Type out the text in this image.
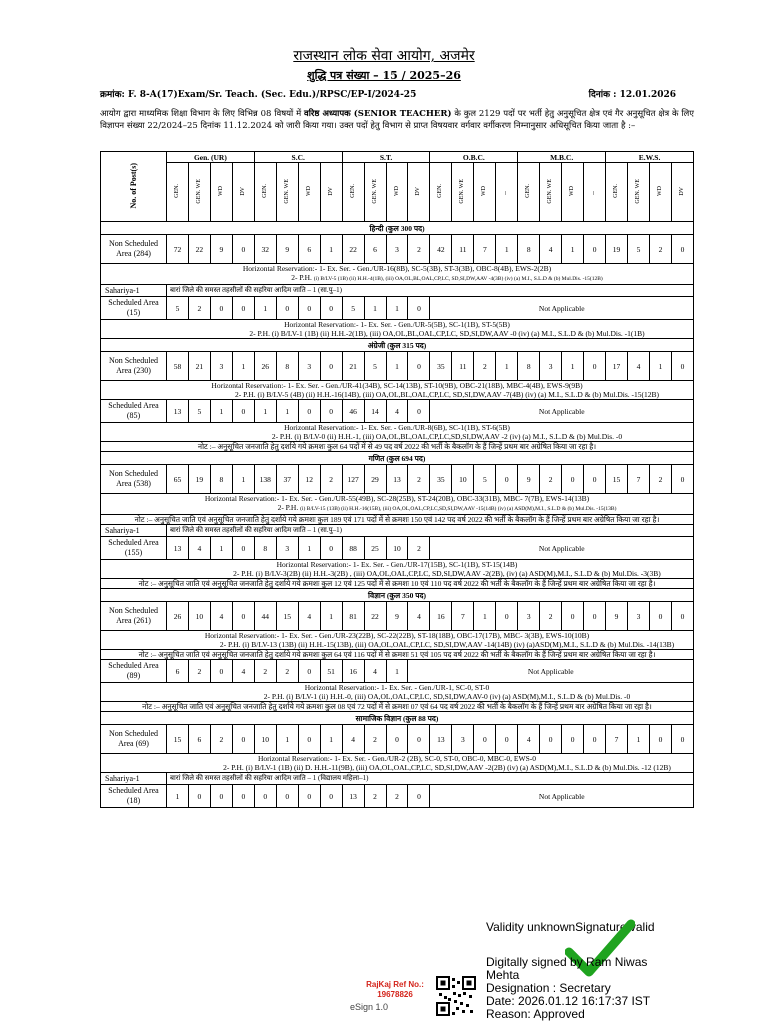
राजस्थान लोक सेवा आयोग, अजमेर
शुद्धि पत्र संख्या – 15 / 2025–26
क्रमांक: F. 8-A(17)Exam/Sr. Teach. (Sec. Edu.)/RPSC/EP-I/2024-25	दिनांक : 12.01.2026
आयोग द्वारा माध्यमिक शिक्षा विभाग के लिए विभिन्न 08 विषयों में वरिष्ठ अध्यापक (SENIOR TEACHER) के कुल 2129 पदों पर भर्ती हेतु अनुसूचित क्षेत्र एवं गैर अनुसूचित क्षेत्र के लिए विज्ञापन संख्या 22/2024–25 दिनांक 11.12.2024 को जारी किया गया। उक्त पदों हेतु विभाग से प्राप्त विषयवार वर्गवार वर्गीकरण निम्नानुसार अधिसूचित किया जाता है :–
No. of Post(s)	Gen. (UR)				S.C.				S.T.				O.B.C.				M.B.C.				E.W.S.			
	GEN.	GEN. WE	WD	DV	GEN.	GEN. WE	WD	DV	GEN.	GEN. WE	WD	DV	GEN.	GEN. WE	WD	--	GEN.	GEN. WE	WD	--	GEN.	GEN. WE	WD	DV
हिन्दी (कुल 300 पद)																								
Non Scheduled Area (284)	72	22	9	0	32	9	6	1	22	6	3	2	42	11	7	1	8	4	1	0	19	5	2	0
Horizontal Reservation:- 1- Ex. Ser. - Gen./UR-16(8B), SC-5(3B), ST-3(3B), OBC-8(4B), EWS-2(2B)
2- P.H. (i) B/LV-5 (1B) (ii) H.H.-4(1B), (iii) OA,OL,BL,OAL,CP,LC, SD,SI,DW,AAV -4(3B) (iv) (a) M.I., S.L.D & (b) Mul.Dis. -15(12B)																								

Sahariya-1	बारां जिले की समस्त तहसीलों की सहरिया आदिम जाति – 1 (सा.पु–1)																							
Scheduled Area (15)	5	2	0	0	1	0	0	0	5	1	1	0	Not Applicable											
Horizontal Reservation:- 1- Ex. Ser. - Gen./UR-5(5B), SC-1(1B), ST-5(5B)
2- P.H. (i) B/LV-1 (1B) (ii) H.H.-2(1B), (iii) OA,OL,BL,OAL,CP,LC, SD,SI,DW,AAV -0 (iv) (a) M.I., S.L.D & (b) Mul.Dis. -1(1B)																								

अंग्रेजी (कुल 315 पद)																								
Non Scheduled Area (230)	58	21	3	1	26	8	3	0	21	5	1	0	35	11	2	1	8	3	1	0	17	4	1	0
Horizontal Reservation:- 1- Ex. Ser. - Gen./UR-41(34B), SC-14(13B), ST-10(9B), OBC-21(18B), MBC-4(4B), EWS-9(9B)
2- P.H. (i) B/LV-5 (4B) (ii) H.H.-16(14B), (iii) OA,OL,BL,OAL,CP,LC, SD,SI,DW,AAV -7(4B) (iv) (a) M.I., S.L.D & (b) Mul.Dis. -15(12B)																								

Scheduled Area (85)	13	5	1	0	1	1	0	0	46	14	4	0	Not Applicable											
Horizontal Reservation:- 1- Ex. Ser. - Gen./UR-8(6B), SC-1(1B), ST-6(5B)
2- P.H. (i) B/LV-0 (ii) H.H.-1, (iii) OA,OL,BL,OAL,CP,LC,SD,SI,DW,AAV -2 (iv) (a) M.I., S.L.D & (b) Mul.Dis. -0																								

नोट :– अनुसूचित जनजाति हेतु दर्शाये गये क्रमशः कुल 64 पदों में से 49 पद वर्ष 2022 की भर्ती के बैकलॉग के हैं जिन्हें प्रथम बार अग्रेषित किया जा रहा है।																								
गणित (कुल 694 पद)																								
Non Scheduled Area (538)	65	19	8	1	138	37	12	2	127	29	13	2	35	10	5	0	9	2	0	0	15	7	2	0
Horizontal Reservation:- 1- Ex. Ser. - Gen./UR-55(49B), SC-28(25B), ST-24(20B), OBC-33(31B), MBC- 7(7B), EWS-14(13B)
2- P.H. (i) B/LV-15 (13B) (ii) H.H.-16(15B), (iii) OA,OL,OAL,CP,LC,SD,SI,DW,AAV -15(14B) (iv) (a) ASD(M),M.I., S.L.D & (b) Mul.Dis. -15(13B)																								

नोट :– अनुसूचित जाति एवं अनुसूचित जनजाति हेतु दर्शाये गये क्रमशः कुल 189 एवं 171 पदों में से क्रमशः 150 एवं 142 पद वर्ष 2022 की भर्ती के बैकलॉग के हैं जिन्हें प्रथम बार अग्रेषित किया जा रहा है।																								
Sahariya-1	बारां जिले की समस्त तहसीलों की सहरिया आदिम जाति – 1 (सा.पु–1)																							
Scheduled Area (155)	13	4	1	0	8	3	1	0	88	25	10	2	Not Applicable											
Horizontal Reservation:- 1- Ex. Ser. - Gen./UR-17(15B), SC-1(1B), ST-15(14B)
2- P.H. (i) B/LV-3(2B) (ii) H.H.-3(2B) , (iii) OA,OL,OAL,CP,LC, SD,SI,DW,AAV -2(2B), (iv) (a) ASD(M),M.I., S.L.D & (b) Mul.Dis. -3(3B)																								

नोट :– अनुसूचित जाति एवं अनुसूचित जनजाति हेतु दर्शाये गये क्रमशः कुल 12 एवं 125 पदों में से क्रमशः 10 एवं 110 पद वर्ष 2022 की भर्ती के बैकलॉग के हैं जिन्हें प्रथम बार अग्रेषित किया जा रहा है।																								
विज्ञान (कुल 350 पद)																								
Non Scheduled Area (261)	26	10	4	0	44	15	4	1	81	22	9	4	16	7	1	0	3	2	0	0	9	3	0	0
Horizontal Reservation:- 1- Ex. Ser. - Gen./UR-23(22B), SC-22(22B), ST-18(18B), OBC-17(17B), MBC- 3(3B), EWS-10(10B)
2- P.H. (i) B/LV-13 (13B) (ii) H.H.-15(13B), (iii) OA,OL,OAL,CP,LC, SD,SI,DW,AAV -14(14B) (iv) (a)ASD(M),M.I., S.L.D & (b) Mul.Dis. -14(13B)																								

नोट :– अनुसूचित जाति एवं अनुसूचित जनजाति हेतु दर्शाये गये क्रमशः कुल 64 एवं 116 पदों में से क्रमशः 51 एवं 105 पद वर्ष 2022 की भर्ती के बैकलॉग के हैं जिन्हें प्रथम बार अग्रेषित किया जा रहा है।																								
Scheduled Area (89)	6	2	0	4	2	2	0	51	16	4	1	Not Applicable												
Horizontal Reservation:- 1- Ex. Ser. - Gen./UR-1, SC-0, ST-0
2- P.H. (i) B/LV-1 (ii) H.H.-0, (iii) OA,OL,OAL,CP,LC, SD,SI,DW,AAV-0 (iv) (a) ASD(M),M.I., S.L.D & (b) Mul.Dis. -0																								

नोट :– अनुसूचित जाति एवं अनुसूचित जनजाति हेतु दर्शाये गये क्रमशः कुल 08 एवं 72 पदों में से क्रमशः 07 एवं 64 पद वर्ष 2022 की भर्ती के बैकलॉग के हैं जिन्हें प्रथम बार अग्रेषित किया जा रहा है।																								
सामाजिक विज्ञान (कुल 88 पद)																								
Non Scheduled Area (69)	15	6	2	0	10	1	0	1	4	2	0	0	13	3	0	0	4	0	0	0	7	1	0	0
Horizontal Reservation:- 1- Ex. Ser. - Gen./UR-2 (2B), SC-0, ST-0, OBC-0, MBC-0, EWS-0
2- P.H. (i) B/LV-1 (1B) (ii) D. H.H.-11(9B), (iii) OA,OL,OAL,CP,LC, SD,SI,DW,AAV -2(2B) (iv) (a) ASD(M),M.I., S.L.D & (b) Mul.Dis. -12 (12B)																								

Sahariya-1	बारां जिले की समस्त तहसीलों की सहरिया आदिम जाति – 1 (विद्यालय महिला–1)																							
Scheduled Area (18)	1	0	0	0	0	0	0	0	13	2	2	0	Not Applicable											
Validity unknownSignature valid
Digitally signed by Ram Niwas
Mehta
Designation : Secretary
Date: 2026.01.12 16:17:37 IST
Reason: Approved
RajKaj Ref No.:
19678826
eSign 1.0
